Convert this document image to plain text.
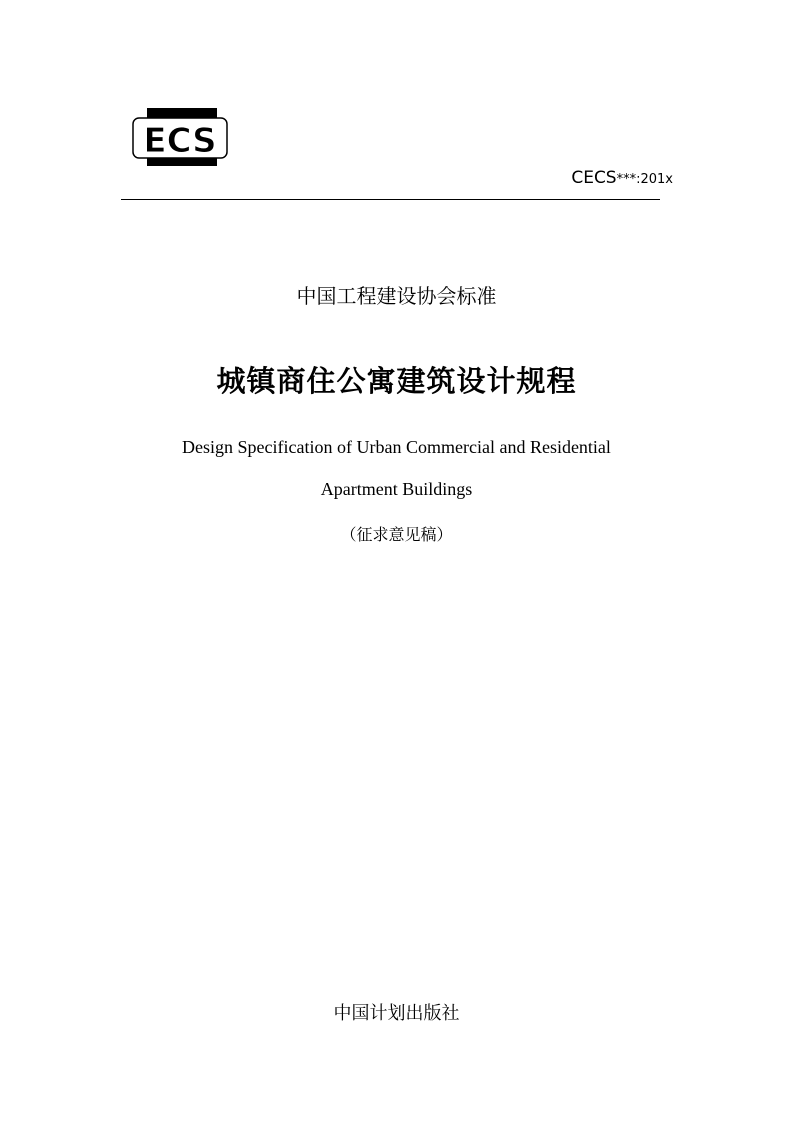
ECS
CECS***:201x
中国工程建设协会标准
城镇商住公寓建筑设计规程
Design Specification of Urban Commercial and Residential
Apartment Buildings
（征求意见稿）
中国计划出版社
